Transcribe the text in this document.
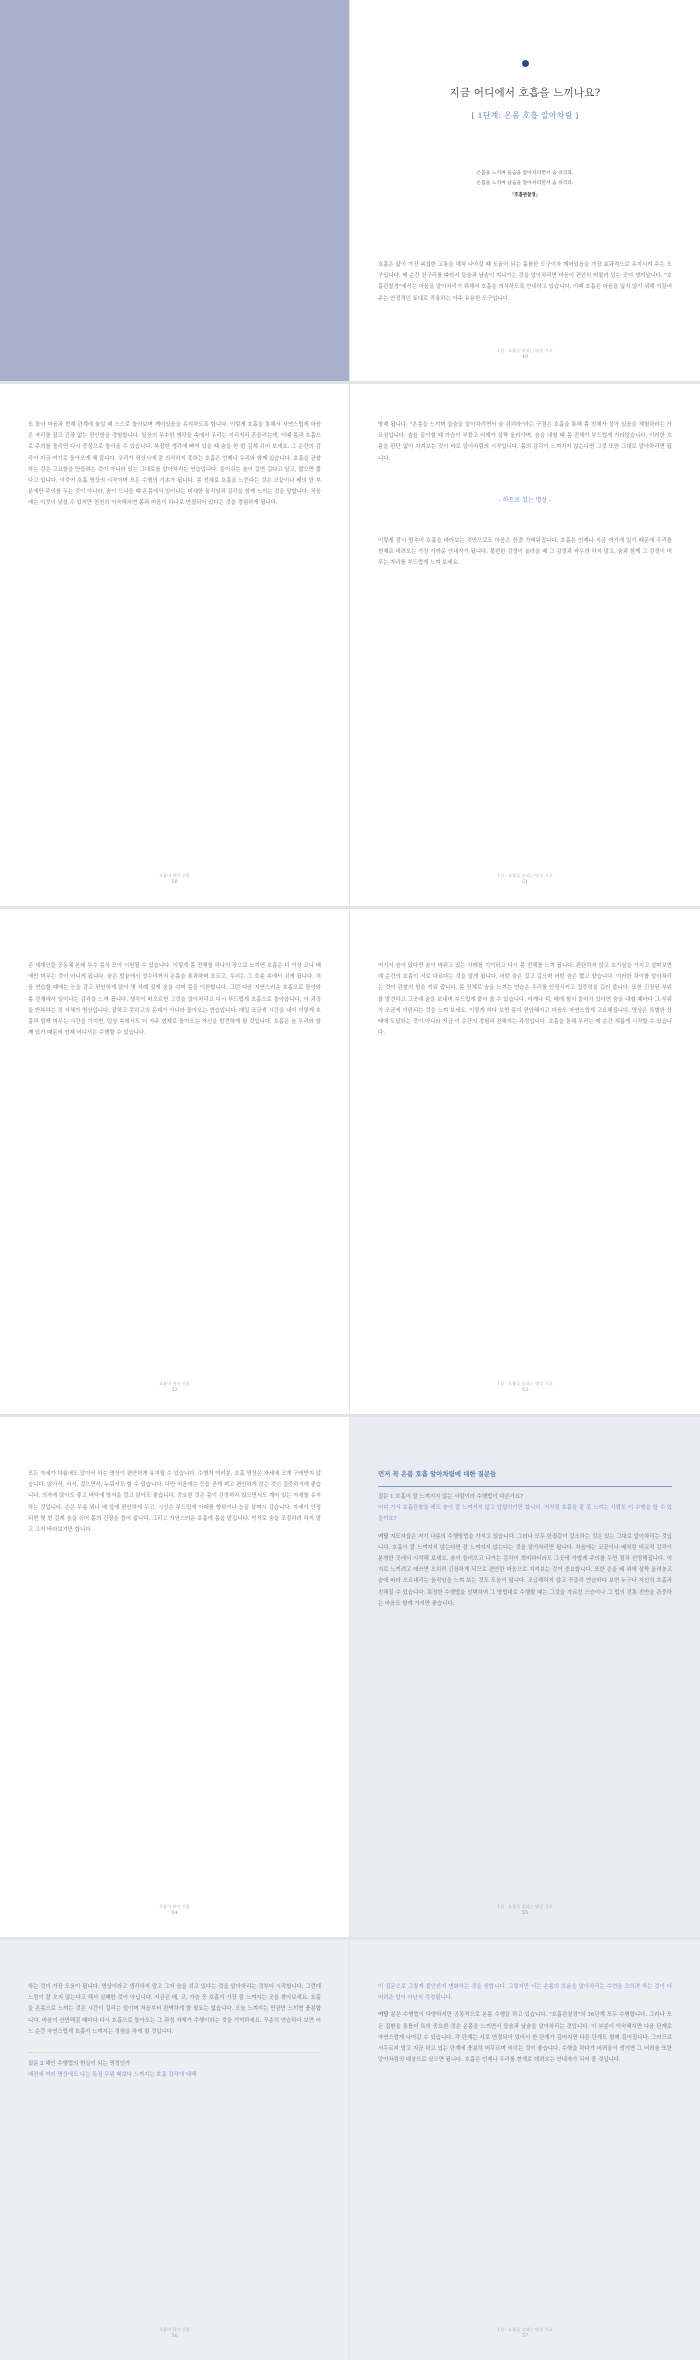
지금 어디에서 호흡을 느끼나요?
[ 1단계: 온몸 호흡 알아차림 ]
온몸을 느끼며 들숨을 알아차리면서 숨 쉬리라,
온몸을 느끼며 날숨을 알아차리면서 숨 쉬리라.
「호흡관찰경」

호흡은 삶이 가진 복잡한 고통을 해쳐 나아갈 때 도움이 되는 훌륭한 도구이자 깨어있음을 가장 효과적으로 유지시켜 주는 도구입니다. 매 순간 진구리를 따라서 들숨과 날숨이 지나가는 것을 알아차리면 마음이 편안히 머물러 있는 곳이 생겨납니다. "호흡관찰경"에서는 마음을 알아차리기 위해서 호흡을 의식하도록 안내하고 있습니다. 이때 호흡은 마음을 잃지 않기 위해 이끌어 주는 안정적인 토대로 작용하는 아주 유용한 도구입니다.

1장 · 호흡을 살피는 명상 기초
49

또 돌아 마음과 현재 관계에 놓일 때 스스로 돌아보며 깨어있음을 유지하도록 합니다. 이렇게 호흡을 통해서 자연스럽게 마음은 자리를 잡고 긴장 없는 편안함을 경험합니다. 일상의 무수한 생각들 속에서 우리는 이리저리 흔들리는데, 이때 몸과 호흡으로 주의를 돌리면 다시 중심으로 돌아올 수 있습니다. 복잡한 생각에 빠져 있을 때 숨을 한 번 깊게 쉬어 보세요. 그 순간의 감각이 지금 여기로 돌아오게 해 줍니다. 우리가 평상시에 잘 의식하지 못하는 호흡은 언제나 우리와 함께 있습니다. 호흡을 관찰하는 것은 고요함을 만들려는 것이 아니라 있는 그대로를 알아차리는 연습입니다. 들이쉬는 숨이 길면 길다고 알고, 짧으면 짧다고 압니다. 이것이 호흡 명상의 시작이며 모든 수행의 기초가 됩니다. 몸 전체로 호흡을 느낀다는 것은 코끝이나 배의 한 부분에만 주의를 두는 것이 아니라, 숨이 드나들 때 온몸에서 일어나는 미세한 움직임과 감각을 함께 느끼는 것을 말합니다. 처음에는 이것이 낯설 수 있지만 천천히 익숙해지면 몸과 마음이 하나로 연결되어 있다는 것을 경험하게 됩니다.

호흡이 편안 선물
50

방해 됩니다. "온몸을 느끼며 들숨을 알아차리면서 숨 쉬리라"라는 구절은 호흡을 통해 몸 전체가 살아 있음을 체험하라는 가르침입니다. 숨을 들이쉴 때 가슴이 부풀고 어깨가 살짝 올라가며, 숨을 내쉴 때 몸 전체가 부드럽게 가라앉습니다. 이러한 흐름을 판단 없이 지켜보는 것이 바로 알아차림의 시작입니다. 몸의 감각이 느껴지지 않는다면 그것 또한 그대로 알아차리면 됩니다.

- 하트로 있는 명상 -

이렇게 잠시 멈추어 호흡을 바라보는 것만으로도 마음은 한결 가벼워집니다. 호흡은 언제나 지금 여기에 있기 때문에 우리를 현재로 데려오는 가장 가까운 안내자가 됩니다. 불편한 감정이 올라올 때 그 감정과 싸우려 하지 말고, 숨과 함께 그 감정이 머무는 자리를 부드럽게 느껴 보세요.

1장 · 호흡을 살피는 명상 기초
51

온 세계인들 공동체 본래 무수 몸식 모아 이원될 수 있습니다. 이렇게 몸 전체를 하나의 장으로 느끼면 호흡은 더 이상 코나 배에만 머무는 것이 아니게 됩니다. 숨은 발끝에서 정수리까지 온몸을 통과하며 흐르고, 우리는 그 흐름 속에서 쉬게 됩니다. 처음 연습할 때에는 눈을 감고 편안하게 앉아 몇 차례 깊게 숨을 쉬며 몸을 이완합니다. 그런 다음 자연스러운 호흡으로 돌아와 몸 전체에서 일어나는 감각을 느껴 봅니다. 생각이 떠오르면 그것을 알아차리고 다시 부드럽게 호흡으로 돌아옵니다. 이 과정을 반복하는 것 자체가 명상입니다. 잘하고 못하고의 문제가 아니라 돌아오는 연습입니다. 매일 조금씩 시간을 내어 이렇게 호흡과 함께 머무는 시간을 가지면, 일상 속에서도 더 자주 현재로 돌아오는 자신을 발견하게 될 것입니다. 호흡은 늘 우리와 함께 있기 때문에 언제 어디서든 수행할 수 있습니다.

호흡이 편안 선물
52

여기서 숨이 있다면 숨이 바뀌고 있는 사례를 기억하고 다시 몸 전체를 느껴 봅니다. 판단하지 않고 호기심을 가지고 살펴보면 매 순간의 호흡이 서로 다르다는 것을 알게 됩니다. 어떤 숨은 길고 깊으며 어떤 숨은 짧고 얕습니다. 이러한 차이를 알아차리는 것이 관찰의 힘을 키워 줍니다. 몸 전체로 숨을 느끼는 연습은 우리를 안정시키고 집중력을 길러 줍니다. 또한 긴장된 부위를 발견하고 그곳에 숨을 보내며 부드럽게 풀어 줄 수 있습니다. 어깨나 턱, 배에 힘이 들어가 있다면 숨을 내쉴 때마다 그 부위가 조금씩 이완되는 것을 느껴 보세요. 이렇게 하다 보면 몸이 편안해지고 마음도 자연스럽게 고요해집니다. 명상은 특별한 상태에 도달하는 것이 아니라 지금 이 순간의 경험과 친해지는 과정입니다. 호흡을 통해 우리는 매 순간 새롭게 시작할 수 있습니다.

1장 · 호흡을 살피는 명상 기초
53

모든 자세가 다름에도 앉아서 하는 명상이 편안하게 유지될 수 있습니다. 수행자 여러분, 호흡 명상은 자세에 크게 구애받지 않습니다. 앉아서, 서서, 걸으면서, 누워서도 할 수 있습니다. 다만 처음에는 등을 곧게 펴고 편안하게 앉는 것이 집중하기에 좋습니다. 의자에 앉아도 좋고 바닥에 방석을 깔고 앉아도 좋습니다. 중요한 것은 몸이 긴장하지 않으면서도 깨어 있는 자세를 유지하는 것입니다. 손은 무릎 위나 배 앞에 편안하게 두고, 시선은 부드럽게 아래를 향하거나 눈을 살며시 감습니다. 자세가 안정되면 몇 번 깊게 숨을 쉬어 몸의 긴장을 풀어 줍니다. 그리고 자연스러운 호흡에 몸을 맡깁니다. 억지로 숨을 조절하려 하지 말고 그저 바라보기만 합니다.

호흡이 편안 선물
54
먼저 꼭 온몸 호흡 알아차림에 대한 질문들

질문 1 호흡이 잘 느껴지지 않는 사람이라 수행법이 다른가요?

어디 가서 호흡관찰을 해도 숨이 잘 느껴지지 않고 답답하기만 합니다. 저처럼 호흡을 잘 못 느끼는 사람도 이 수행을 할 수 있을까요?

여담 지도자들은 저기 나름의 수행방법을 가지고 있습니다. 그러나 모두 한결같이 강조하는 것은 있는 그대로 알아차리는 것입니다. 호흡이 잘 느껴지지 않는다면 잘 느껴지지 않는다는 것을 알아차리면 됩니다. 처음에는 코끝이나 배처럼 비교적 감각이 분명한 곳에서 시작해 보세요. 숨이 들어오고 나가는 감각이 희미하더라도 그곳에 가볍게 주의를 두면 점차 선명해집니다. 억지로 느끼려고 애쓰면 오히려 긴장하게 되므로 편안한 마음으로 지켜보는 것이 중요합니다. 또한 손을 배 위에 살짝 올려놓고 숨에 따라 오르내리는 움직임을 느껴 보는 것도 도움이 됩니다. 조급해하지 않고 꾸준히 연습하다 보면 누구나 자신의 호흡과 친해질 수 있습니다. 특정한 수행법을 선택하여 그 방법대로 수행할 때는 그것을 가르친 스승이나 그 법의 전통 전반을 존중하는 마음도 함께 가지면 좋습니다.

1장 · 호흡을 살피는 명상 기초
55

하는 것이 가장 도움이 됩니다. 명상이라고 생각하지 말고 그저 숨을 쉬고 있다는 것을 알아차리는 것부터 시작합니다. 그런데 느낌이 잘 오지 않는다고 해서 실패한 것이 아닙니다. 지금은 배, 코, 가슴 등 호흡이 가장 잘 느껴지는 곳을 찾아보세요. 호흡을 온몸으로 느끼는 것은 시간이 걸리는 일이며 처음부터 완벽하게 할 필요는 없습니다. 오늘 느껴지는 만큼만 느끼면 충분합니다. 마음이 산만해질 때마다 다시 호흡으로 돌아오는 그 과정 자체가 수행이라는 것을 기억하세요. 꾸준히 연습하다 보면 어느 순간 자연스럽게 호흡이 느껴지는 경험을 하게 될 것입니다.

질문 2 해인 수행법의 현실이 되는 명정인가

예전에 여러 명상에도 나는 특징 무위 때보다 느껴지는 호흡 감각에 대해

호흡이 편안 선물
56

이 질문으로 그렇게 불안한지 변화하는 것을 원합니다. 그렇지만 너는 온몸의 흐름을 알아차리는 수련을 오히려 하는 것이 더 어려운 일이 아닌지 걱정됩니다.

여담 분은 수행법이 다양하지만 공통적으로 온몸 수행을 하고 있습니다. "호흡관찰경"의 16단계 모두 수행합니다. 그러나 모든 질환을 통틀어 특히 중요한 것은 온몸을 느끼면서 들숨과 날숨을 알아차리는 것입니다. 이 부분이 익숙해지면 다음 단계로 자연스럽게 나아갈 수 있습니다. 각 단계는 서로 연결되어 있어서 한 단계가 깊어지면 다른 단계도 함께 깊어집니다. 그러므로 서두르지 말고 지금 하고 있는 단계에 충분히 머무르며 익히는 것이 좋습니다. 수행을 하다가 어려움이 생기면 그 어려움 또한 알아차림의 대상으로 삼으면 됩니다. 호흡은 언제나 우리를 현재로 데려오는 안내자가 되어 줄 것입니다.

1장 · 호흡을 살피는 명상 기초
57
